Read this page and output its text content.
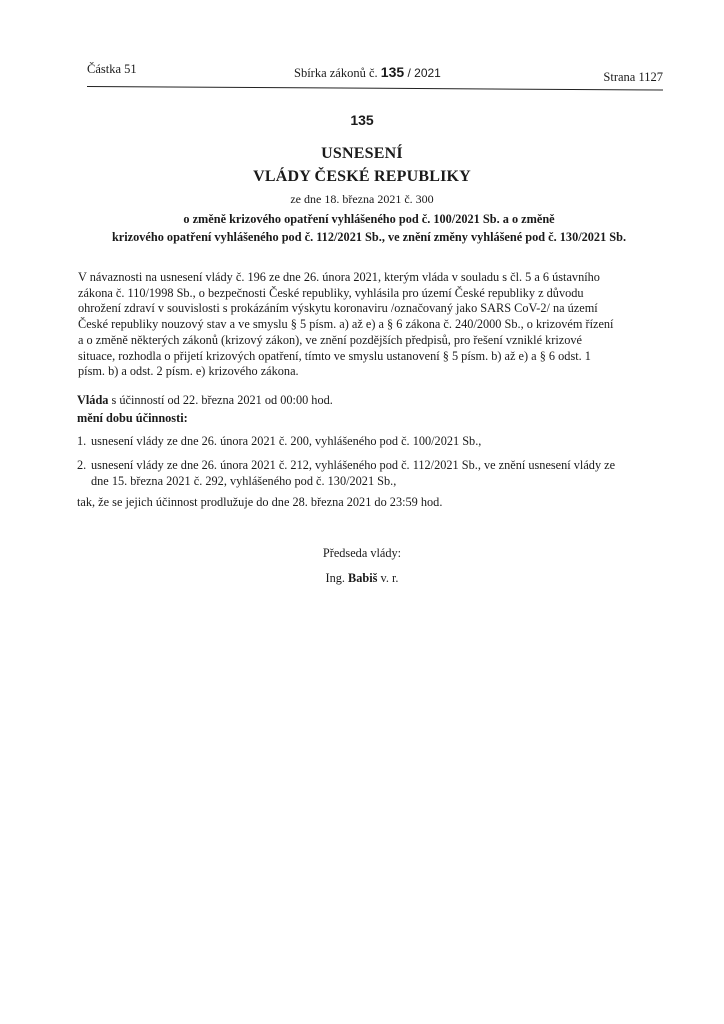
Částka 51	Sbírka zákonů č. 135 / 2021	Strana 1127
135
USNESENÍ
VLÁDY ČESKÉ REPUBLIKY
ze dne 18. března 2021 č. 300
o změně krizového opatření vyhlášeného pod č. 100/2021 Sb. a o změně
krizového opatření vyhlášeného pod č. 112/2021 Sb., ve znění změny vyhlášené pod č. 130/2021 Sb.
V návaznosti na usnesení vlády č. 196 ze dne 26. února 2021, kterým vláda v souladu s čl. 5 a 6 ústavního
zákona č. 110/1998 Sb., o bezpečnosti České republiky, vyhlásila pro území České republiky z důvodu
ohrožení zdraví v souvislosti s prokázáním výskytu koronaviru /označovaný jako SARS CoV-2/ na území
České republiky nouzový stav a ve smyslu § 5 písm. a) až e) a § 6 zákona č. 240/2000 Sb., o krizovém řízení
a o změně některých zákonů (krizový zákon), ve znění pozdějších předpisů, pro řešení vzniklé krizové
situace, rozhodla o přijetí krizových opatření, tímto ve smyslu ustanovení § 5 písm. b) až e) a § 6 odst. 1
písm. b) a odst. 2 písm. e) krizového zákona.
Vláda s účinností od 22. března 2021 od 00:00 hod.
mění dobu účinnosti:
1. usnesení vlády ze dne 26. února 2021 č. 200, vyhlášeného pod č. 100/2021 Sb.,
2. usnesení vlády ze dne 26. února 2021 č. 212, vyhlášeného pod č. 112/2021 Sb., ve znění usnesení vlády ze
dne 15. března 2021 č. 292, vyhlášeného pod č. 130/2021 Sb.,
tak, že se jejich účinnost prodlužuje do dne 28. března 2021 do 23:59 hod.
Předseda vlády:
Ing. Babiš v. r.
